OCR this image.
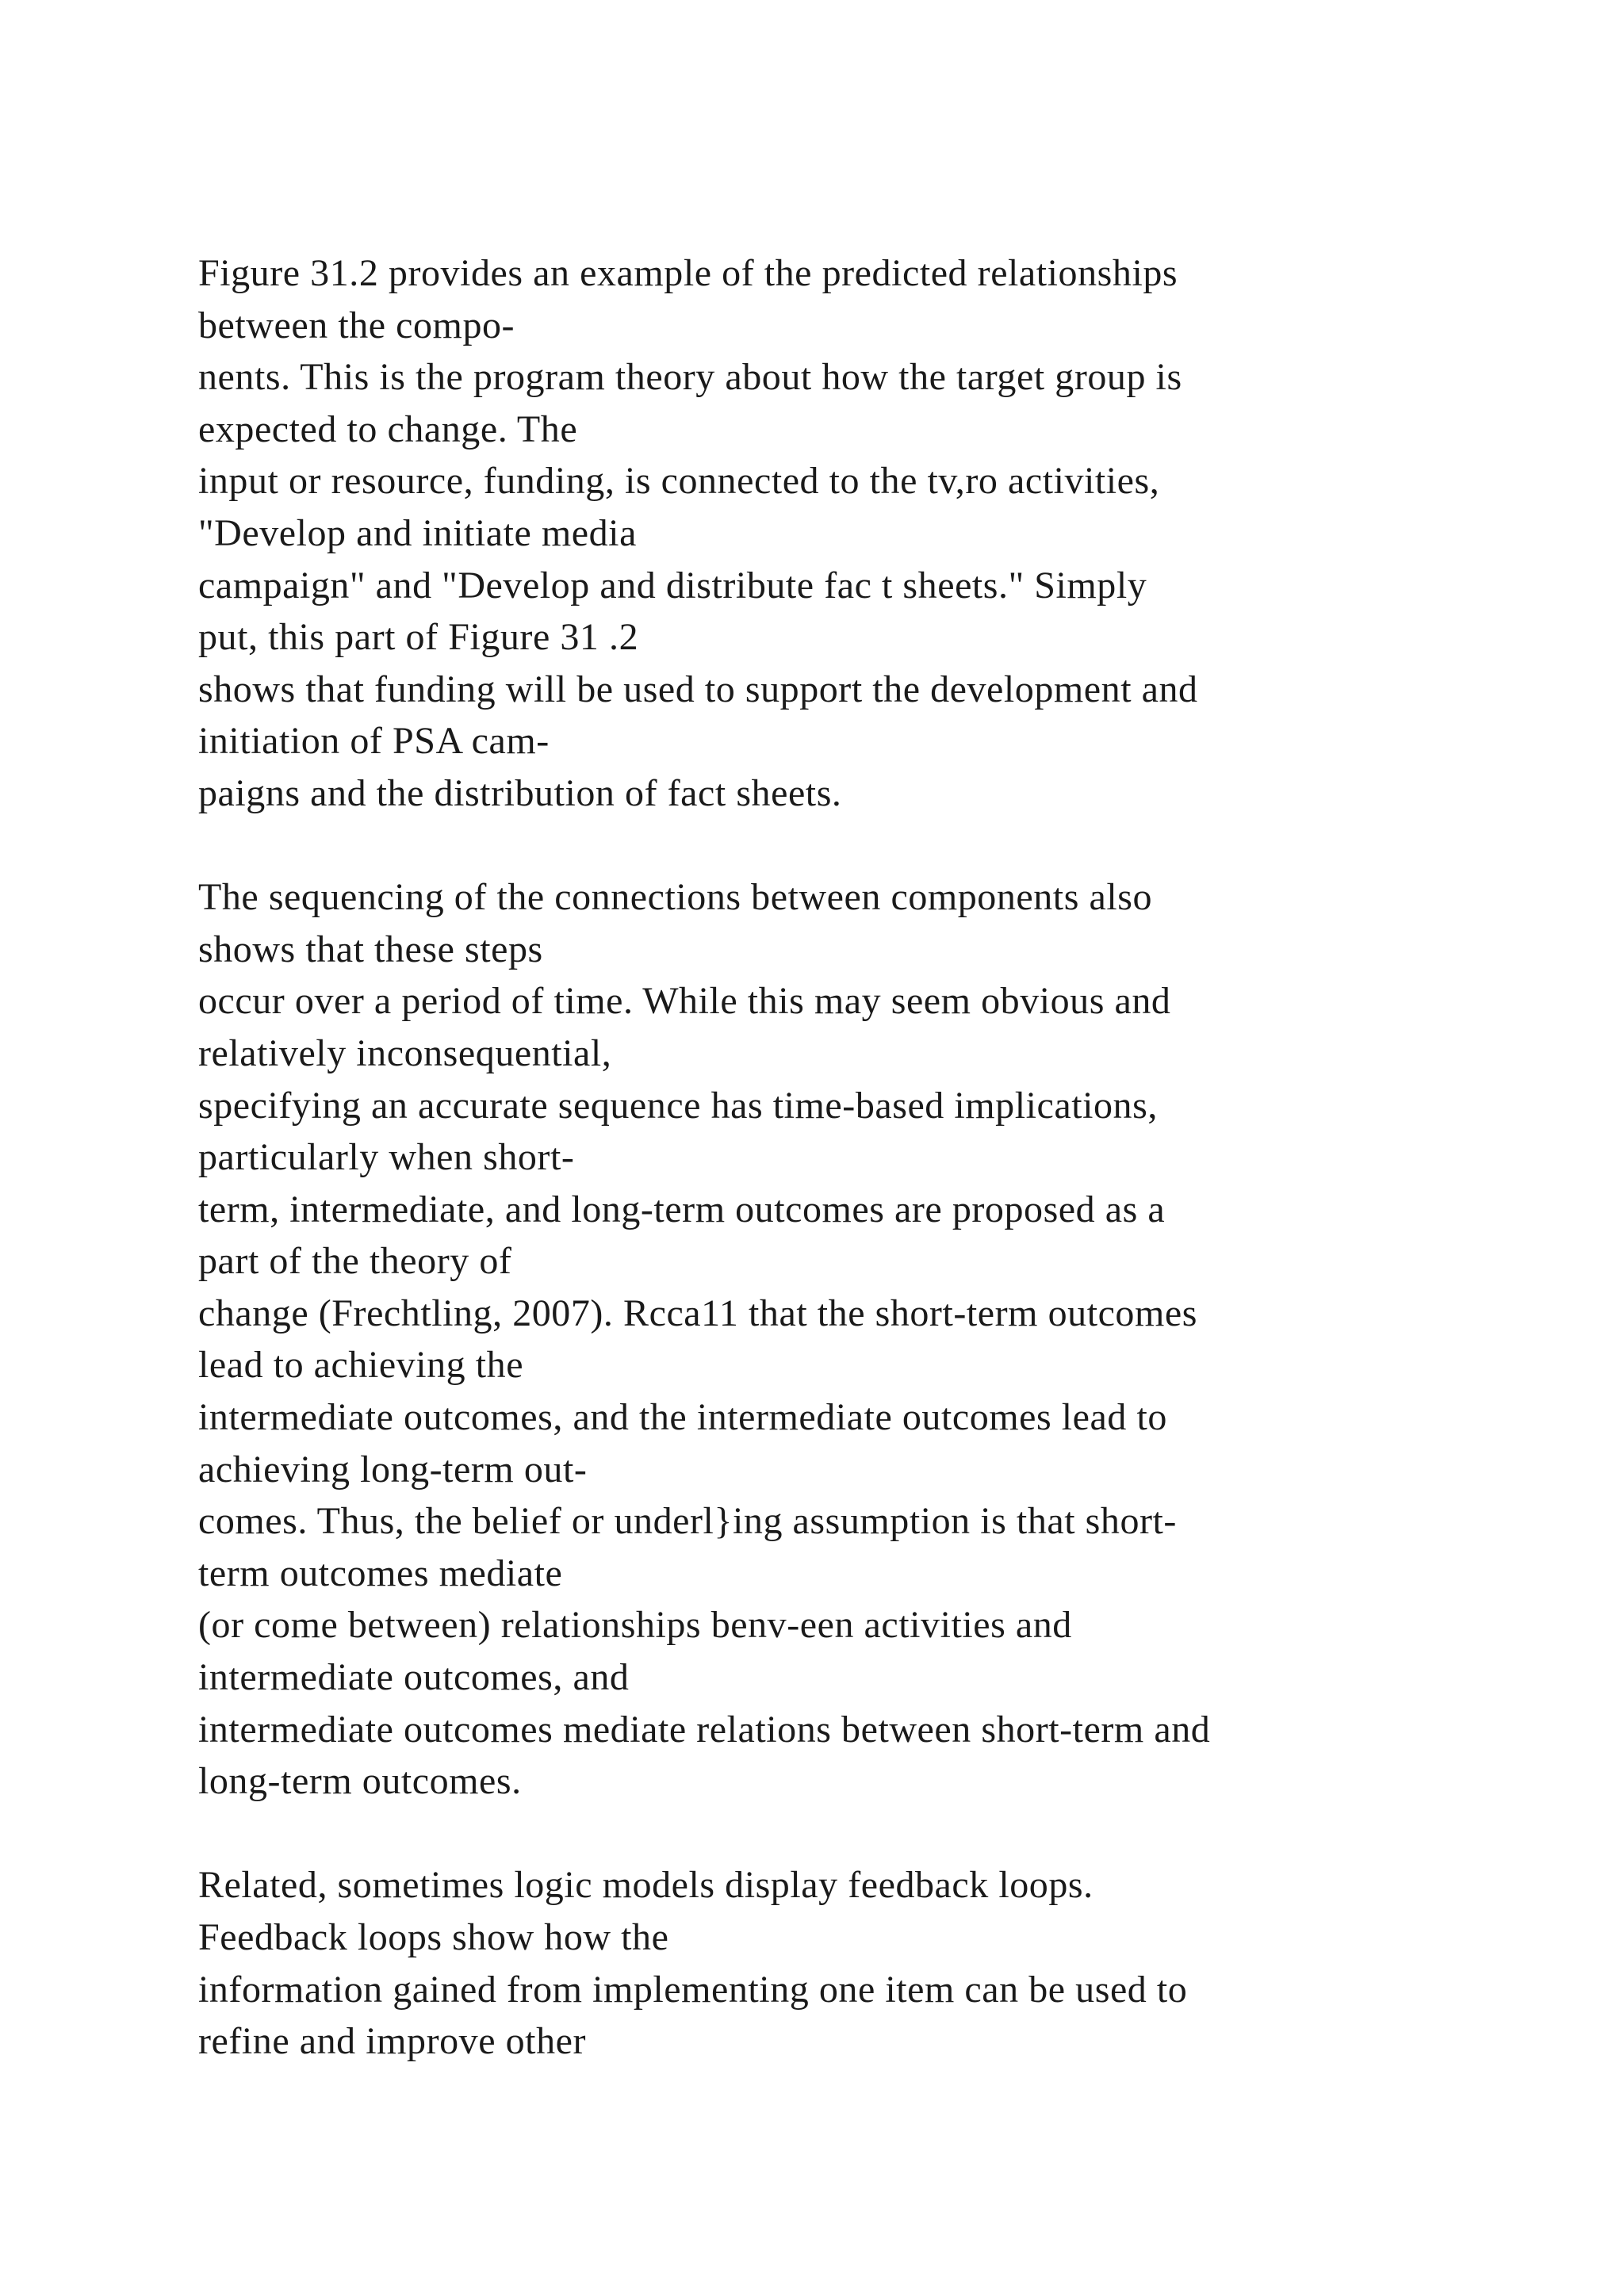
Figure 31.2 provides an example of the predicted relationships
between the compo-
nents. This is the program theory about how the target group is
expected to change. The
input or resource, funding, is connected to the tv,ro activities,
"Develop and initiate media
campaign" and "Develop and distribute fac t sheets." Simply
put, this part of Figure 31 .2
shows that funding will be used to support the development and
initiation of PSA cam-
paigns and the distribution of fact sheets.
The sequencing of the connections between components also
shows that these steps
occur over a period of time. While this may seem obvious and
relatively inconsequential,
specifying an accurate sequence has time-based implications,
particularly when short-
term, intermediate, and long-term outcomes are proposed as a
part of the theory of
change (Frechtling, 2007). Rcca11 that the short-term outcomes
lead to achieving the
intermediate outcomes, and the intermediate outcomes lead to
achieving long-term out-
comes. Thus, the belief or underl}ing assumption is that short-
term outcomes mediate
(or come between) relationships benv-een activities and
intermediate outcomes, and
intermediate outcomes mediate relations between short-term and
long-term outcomes.
Related, sometimes logic models display feedback loops.
Feedback loops show how the
information gained from implementing one item can be used to
refine and improve other
